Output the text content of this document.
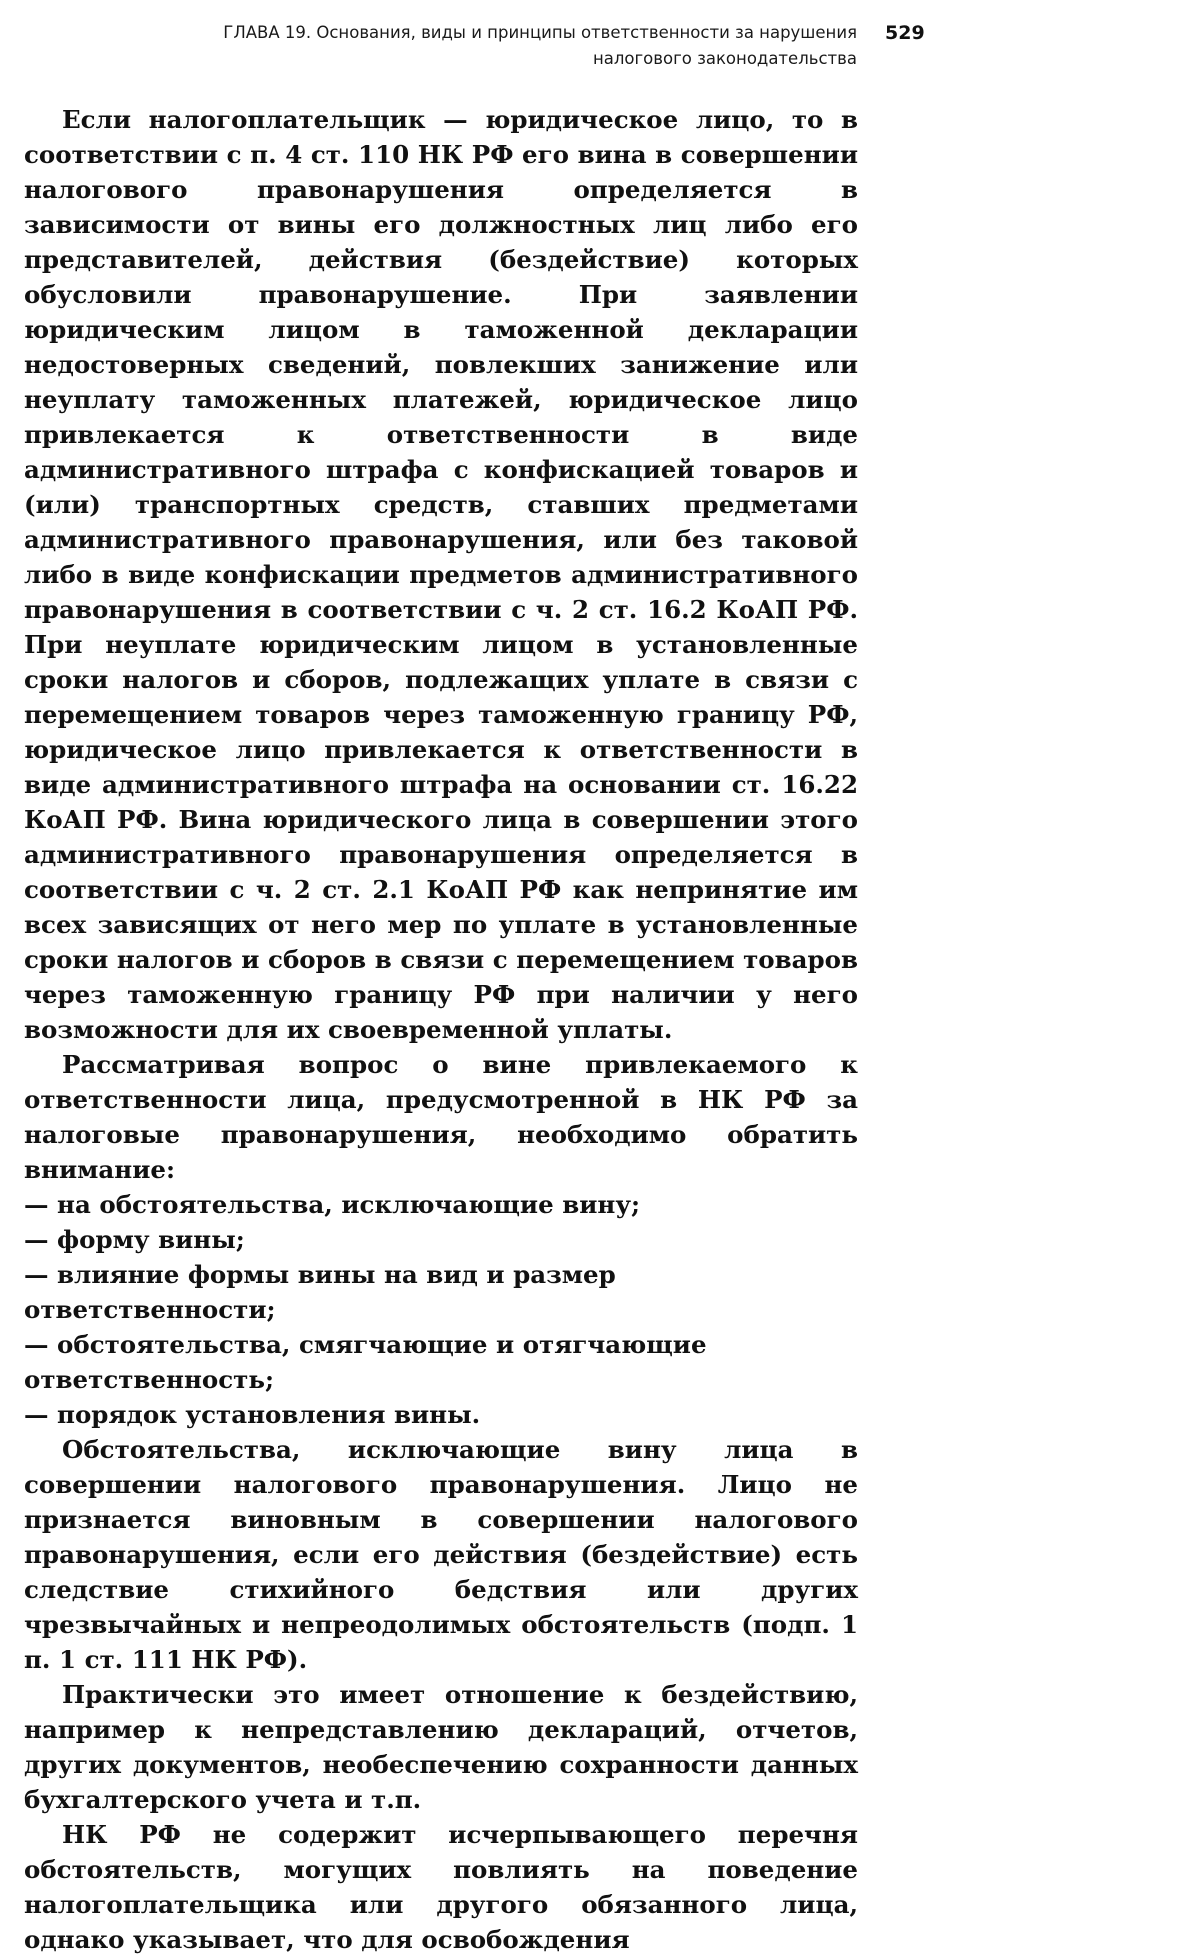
ГЛАВА 19. Основания, виды и принципы ответственности за нарушения
налогового законодательства
529

Если налогоплательщик — юридическое лицо, то в соответствии с п. 4 ст. 110 НК РФ его вина в совершении налогового правонарушения определяется в зависимости от вины его должностных лиц либо его представителей, действия (бездействие) которых обусловили правонарушение. При заявлении юридическим лицом в таможенной декларации недостоверных сведений, повлекших занижение или неуплату таможенных платежей, юридическое лицо привлекается к ответственности в виде административного штрафа с конфискацией товаров и (или) транспортных средств, ставших предметами административного правонарушения, или без таковой либо в виде конфискации предметов административного правонарушения в соответствии с ч. 2 ст. 16.2 КоАП РФ. При неуплате юридическим лицом в установленные сроки налогов и сборов, подлежащих уплате в связи с перемещением товаров через таможенную границу РФ, юридическое лицо привлекается к ответственности в виде административного штрафа на основании ст. 16.22 КоАП РФ. Вина юридического лица в совершении этого административного правонарушения определяется в соответствии с ч. 2 ст. 2.1 КоАП РФ как непринятие им всех зависящих от него мер по уплате в установленные сроки налогов и сборов в связи с перемещением товаров через таможенную границу РФ при наличии у него возможности для их своевременной уплаты.

Рассматривая вопрос о вине привлекаемого к ответственности лица, предусмотренной в НК РФ за налоговые правонарушения, необходимо обратить внимание:

— на обстоятельства, исключающие вину;

— форму вины;

— влияние формы вины на вид и размер ответственности;

— обстоятельства, смягчающие и отягчающие ответственность;

— порядок установления вины.

Обстоятельства, исключающие вину лица в совершении налогового правонарушения. Лицо не признается виновным в совершении налогового правонарушения, если его действия (бездействие) есть следствие стихийного бедствия или других чрезвычайных и непреодолимых обстоятельств (подп. 1 п. 1 ст. 111 НК РФ).

Практически это имеет отношение к бездействию, например к непредставлению деклараций, отчетов, других документов, необеспечению сохранности данных бухгалтерского учета и т.п.

НК РФ не содержит исчерпывающего перечня обстоятельств, могущих повлиять на поведение налогоплательщика или другого обязанного лица, однако указывает, что для освобождения
